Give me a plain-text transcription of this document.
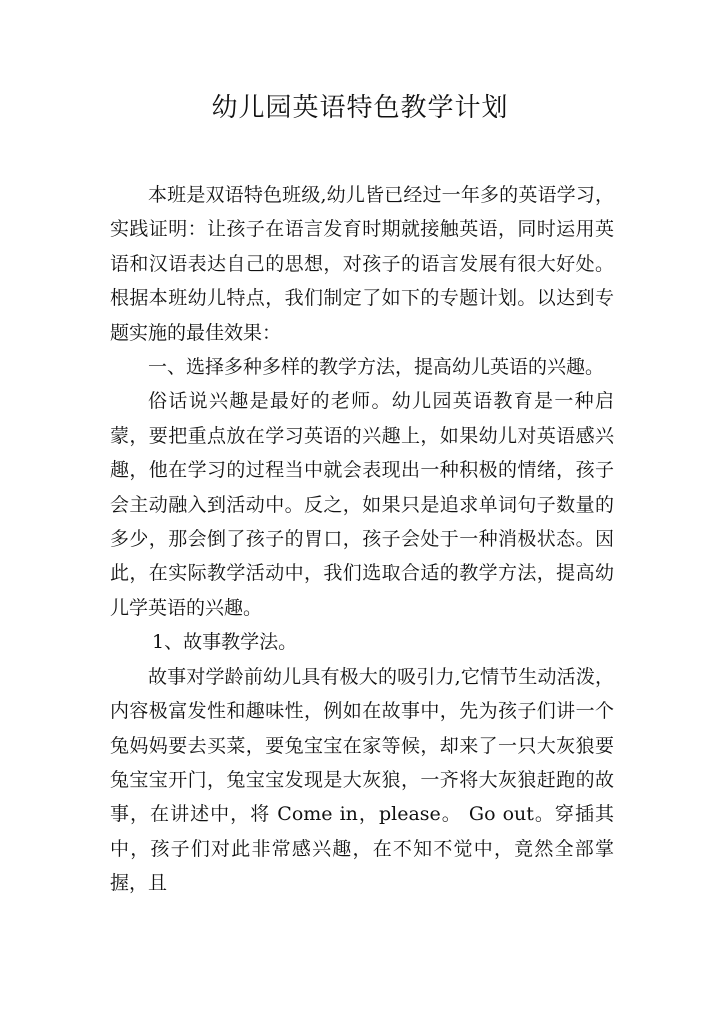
幼儿园英语特色教学计划

本班是双语特色班级,幼儿皆已经过一年多的英语学习，实践证明：让孩子在语言发育时期就接触英语，同时运用英语和汉语表达自己的思想，对孩子的语言发展有很大好处。根据本班幼儿特点，我们制定了如下的专题计划。以达到专题实施的最佳效果：

一、选择多种多样的教学方法，提高幼儿英语的兴趣。

俗话说兴趣是最好的老师。幼儿园英语教育是一种启蒙，要把重点放在学习英语的兴趣上，如果幼儿对英语感兴趣，他在学习的过程当中就会表现出一种积极的情绪，孩子会主动融入到活动中。反之，如果只是追求单词句子数量的多少，那会倒了孩子的胃口，孩子会处于一种消极状态。因此，在实际教学活动中，我们选取合适的教学方法，提高幼儿学英语的兴趣。

1、故事教学法。

故事对学龄前幼儿具有极大的吸引力,它情节生动活泼，内容极富发性和趣味性，例如在故事中，先为孩子们讲一个兔妈妈要去买菜，要兔宝宝在家等候，却来了一只大灰狼要兔宝宝开门，兔宝宝发现是大灰狼，一齐将大灰狼赶跑的故事，在讲述中，将 Come in，please。 Go out。穿插其中，孩子们对此非常感兴趣，在不知不觉中，竟然全部掌握，且
